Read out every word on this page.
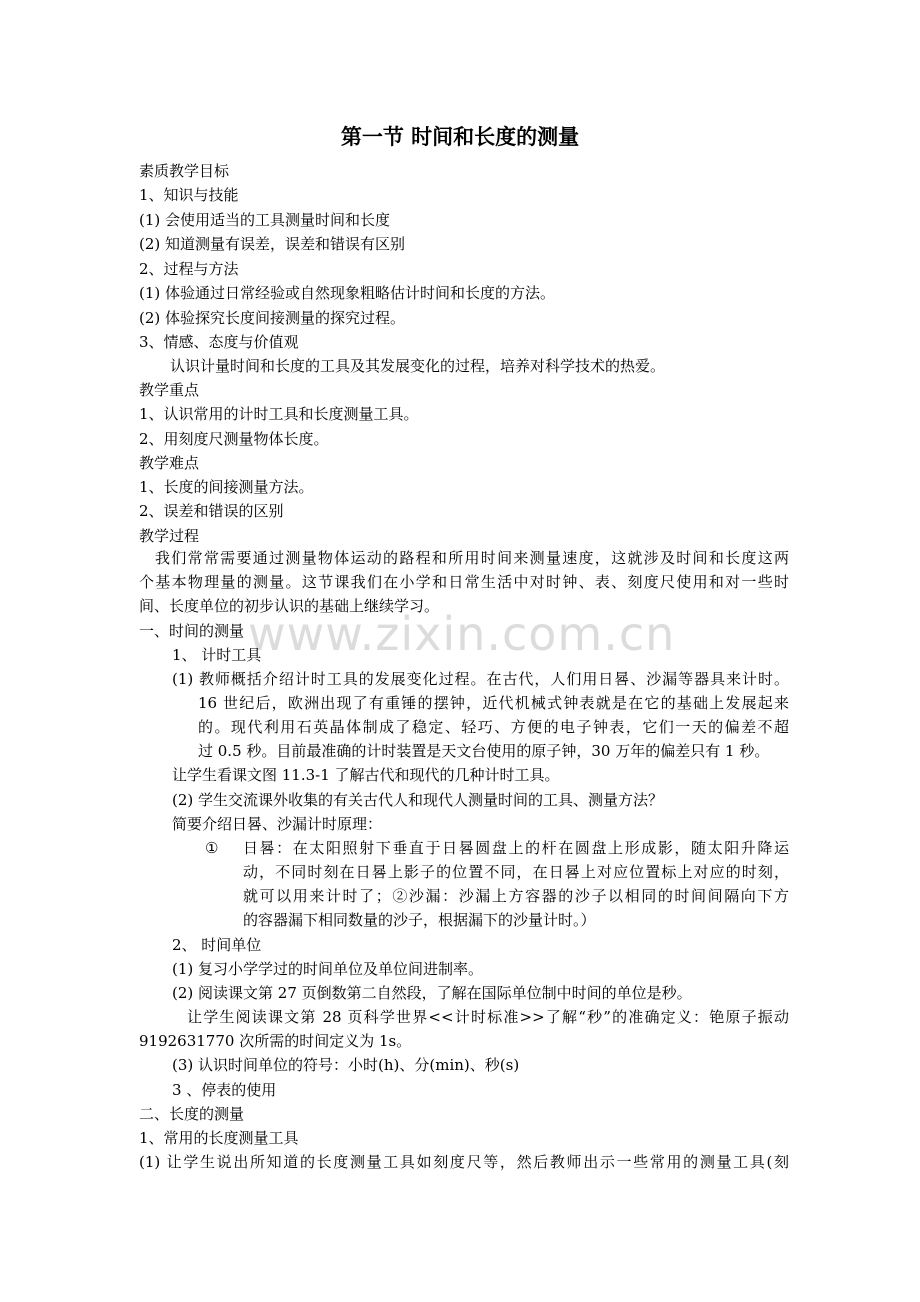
www.zixin.com.cn
第一节 时间和长度的测量
素质教学目标
1、知识与技能
(1) 会使用适当的工具测量时间和长度
(2) 知道测量有误差，误差和错误有区别
2、过程与方法
(1) 体验通过日常经验或自然现象粗略估计时间和长度的方法。
(2) 体验探究长度间接测量的探究过程。
3、情感、态度与价值观
认识计量时间和长度的工具及其发展变化的过程，培养对科学技术的热爱。
教学重点
1、认识常用的计时工具和长度测量工具。
2、用刻度尺测量物体长度。
教学难点
1、长度的间接测量方法。
2、误差和错误的区别
教学过程
我们常常需要通过测量物体运动的路程和所用时间来测量速度，这就涉及时间和长度这两
个基本物理量的测量。这节课我们在小学和日常生活中对时钟、表、刻度尺使用和对一些时
间、长度单位的初步认识的基础上继续学习。
一、时间的测量
1、 计时工具
(1) 教师概括介绍计时工具的发展变化过程。在古代，人们用日晷、沙漏等器具来计时。
16 世纪后，欧洲出现了有重锤的摆钟，近代机械式钟表就是在它的基础上发展起来
的。现代利用石英晶体制成了稳定、轻巧、方便的电子钟表，它们一天的偏差不超
过 0.5 秒。目前最准确的计时装置是天文台使用的原子钟，30 万年的偏差只有 1 秒。
让学生看课文图 11.3-1 了解古代和现代的几种计时工具。
(2) 学生交流课外收集的有关古代人和现代人测量时间的工具、测量方法？
简要介绍日晷、沙漏计时原理：
① 日晷：在太阳照射下垂直于日晷圆盘上的杆在圆盘上形成影，随太阳升降运
动，不同时刻在日晷上影子的位置不同，在日晷上对应位置标上对应的时刻，
就可以用来计时了；②沙漏：沙漏上方容器的沙子以相同的时间间隔向下方
的容器漏下相同数量的沙子，根据漏下的沙量计时。）
2、 时间单位
(1) 复习小学学过的时间单位及单位间进制率。
(2) 阅读课文第 27 页倒数第二自然段，了解在国际单位制中时间的单位是秒。
让学生阅读课文第 28 页科学世界<<计时标准>>了解“秒”的准确定义：铯原子振动
9192631770 次所需的时间定义为 1s。
(3) 认识时间单位的符号：小时(h)、分(min)、秒(s)
3 、停表的使用
二、长度的测量
1、常用的长度测量工具
(1) 让学生说出所知道的长度测量工具如刻度尺等，然后教师出示一些常用的测量工具(刻
